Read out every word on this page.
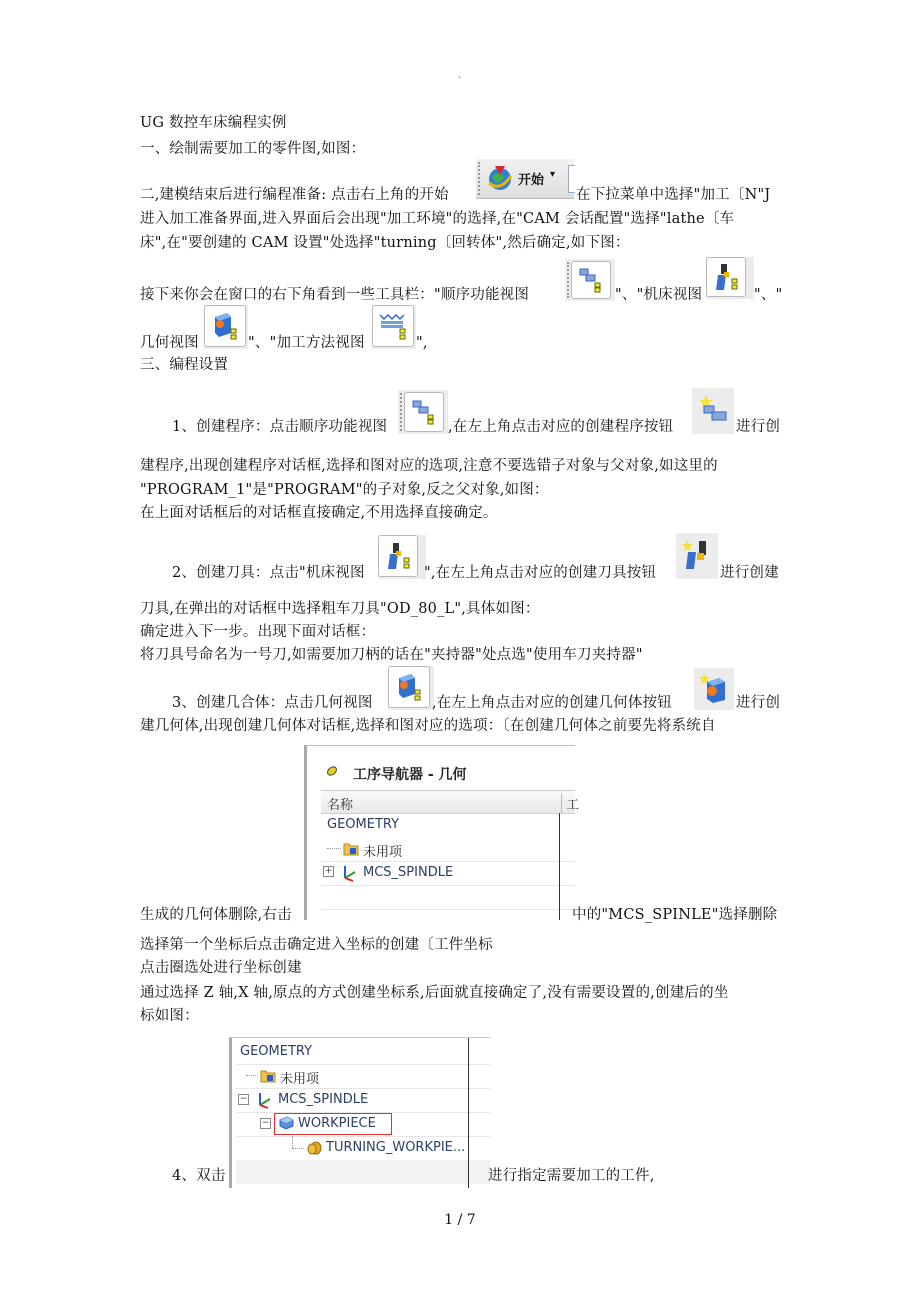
.
UG 数控车床编程实例
一、绘制需要加工的零件图,如图：
二,建模结束后进行编程准备: 点击右上角的开始
开始 ▾
在下拉菜单中选择"加工〔N"J
进入加工准备界面,进入界面后会出现"加工环境"的选择,在"CAM 会话配置"选择"lathe〔车
床",在"要创建的 CAM 设置"处选择"turning〔回转体",然后确定,如下图：
接下来你会在窗口的右下角看到一些工具栏："顺序功能视图	"、"机床视图	"、"
几何视图	"、"加工方法视图	",
三、编程设置
1、创建程序：点击顺序功能视图	,在左上角点击对应的创建程序按钮	进行创
建程序,出现创建程序对话框,选择和图对应的选项,注意不要选错子对象与父对象,如这里的
"PROGRAM_1"是"PROGRAM"的子对象,反之父对象,如图：
在上面对话框后的对话框直接确定,不用选择直接确定。
2、创建刀具：点击"机床视图	",在左上角点击对应的创建刀具按钮	进行创建
刀具,在弹出的对话框中选择粗车刀具"OD_80_L",具体如图：
确定进入下一步。出现下面对话框：
将刀具号命名为一号刀,如需要加刀柄的话在"夹持器"处点选"使用车刀夹持器"
3、创建几合体：点击几何视图	,在左上角点击对应的创建几何体按钮	进行创
建几何体,出现创建几何体对话框,选择和图对应的选项：〔在创建几何体之前要先将系统自
工序导航器 - 几何
名称	工
GEOMETRY
未用项
+ MCS_SPINDLE
生成的几何体删除,右击	中的"MCS_SPINLE"选择删除
选择第一个坐标后点击确定进入坐标的创建〔工件坐标
点击圈选处进行坐标创建
通过选择 Z 轴,X 轴,原点的方式创建坐标系,后面就直接确定了,没有需要设置的,创建后的坐
标如图：
GEOMETRY
未用项
− MCS_SPINDLE
− WORKPIECE
TURNING_WORKPIE...
4、双击	进行指定需要加工的工件,
1 / 7
